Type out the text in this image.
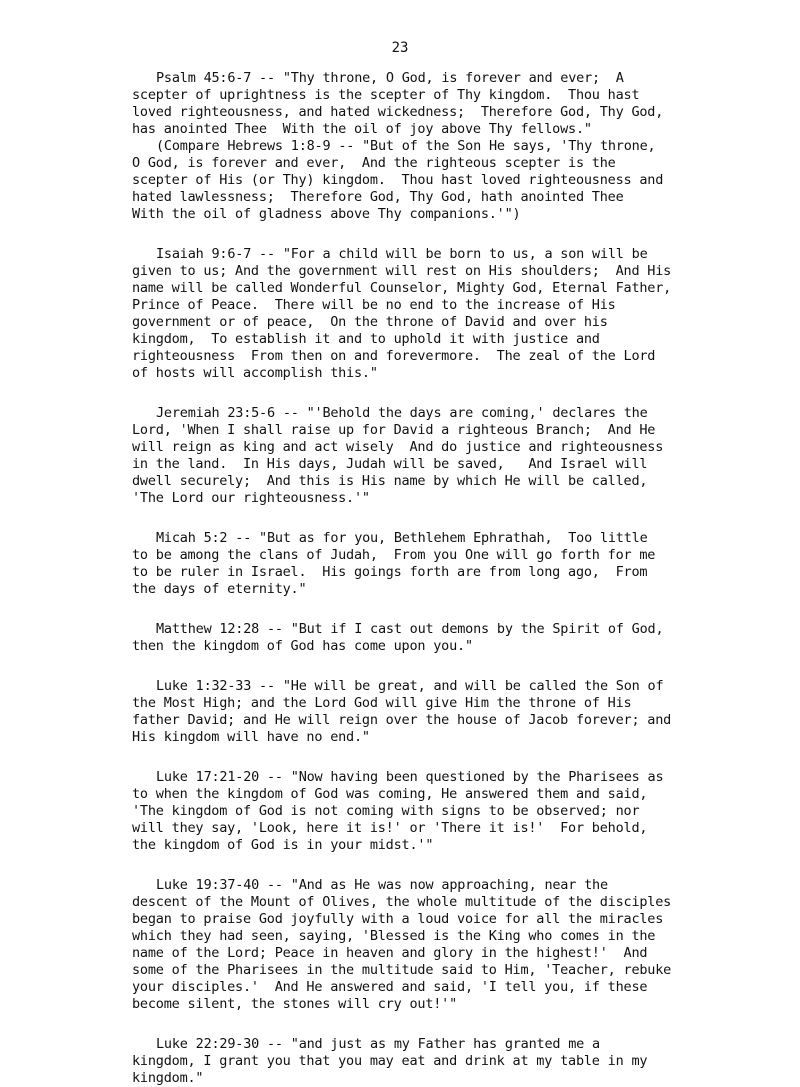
23
Psalm 45:6-7 -- "Thy throne, O God, is forever and ever;  A
scepter of uprightness is the scepter of Thy kingdom.  Thou hast
loved righteousness, and hated wickedness;  Therefore God, Thy God,
has anointed Thee  With the oil of joy above Thy fellows."
(Compare Hebrews 1:8-9 -- "But of the Son He says, 'Thy throne,
O God, is forever and ever,  And the righteous scepter is the
scepter of His (or Thy) kingdom.  Thou hast loved righteousness and
hated lawlessness;  Therefore God, Thy God, hath anointed Thee
With the oil of gladness above Thy companions.'")
Isaiah 9:6-7 -- "For a child will be born to us, a son will be
given to us; And the government will rest on His shoulders;  And His
name will be called Wonderful Counselor, Mighty God, Eternal Father,
Prince of Peace.  There will be no end to the increase of His
government or of peace,  On the throne of David and over his
kingdom,  To establish it and to uphold it with justice and
righteousness  From then on and forevermore.  The zeal of the Lord
of hosts will accomplish this."
Jeremiah 23:5-6 -- "'Behold the days are coming,' declares the
Lord, 'When I shall raise up for David a righteous Branch;  And He
will reign as king and act wisely  And do justice and righteousness
in the land.  In His days, Judah will be saved,   And Israel will
dwell securely;  And this is His name by which He will be called,
'The Lord our righteousness.'"
Micah 5:2 -- "But as for you, Bethlehem Ephrathah,  Too little
to be among the clans of Judah,  From you One will go forth for me
to be ruler in Israel.  His goings forth are from long ago,  From
the days of eternity."
Matthew 12:28 -- "But if I cast out demons by the Spirit of God,
then the kingdom of God has come upon you."
Luke 1:32-33 -- "He will be great, and will be called the Son of
the Most High; and the Lord God will give Him the throne of His
father David; and He will reign over the house of Jacob forever; and
His kingdom will have no end."
Luke 17:21-20 -- "Now having been questioned by the Pharisees as
to when the kingdom of God was coming, He answered them and said,
'The kingdom of God is not coming with signs to be observed; nor
will they say, 'Look, here it is!' or 'There it is!'  For behold,
the kingdom of God is in your midst.'"
Luke 19:37-40 -- "And as He was now approaching, near the
descent of the Mount of Olives, the whole multitude of the disciples
began to praise God joyfully with a loud voice for all the miracles
which they had seen, saying, 'Blessed is the King who comes in the
name of the Lord; Peace in heaven and glory in the highest!'  And
some of the Pharisees in the multitude said to Him, 'Teacher, rebuke
your disciples.'  And He answered and said, 'I tell you, if these
become silent, the stones will cry out!'"
Luke 22:29-30 -- "and just as my Father has granted me a
kingdom, I grant you that you may eat and drink at my table in my
kingdom."
